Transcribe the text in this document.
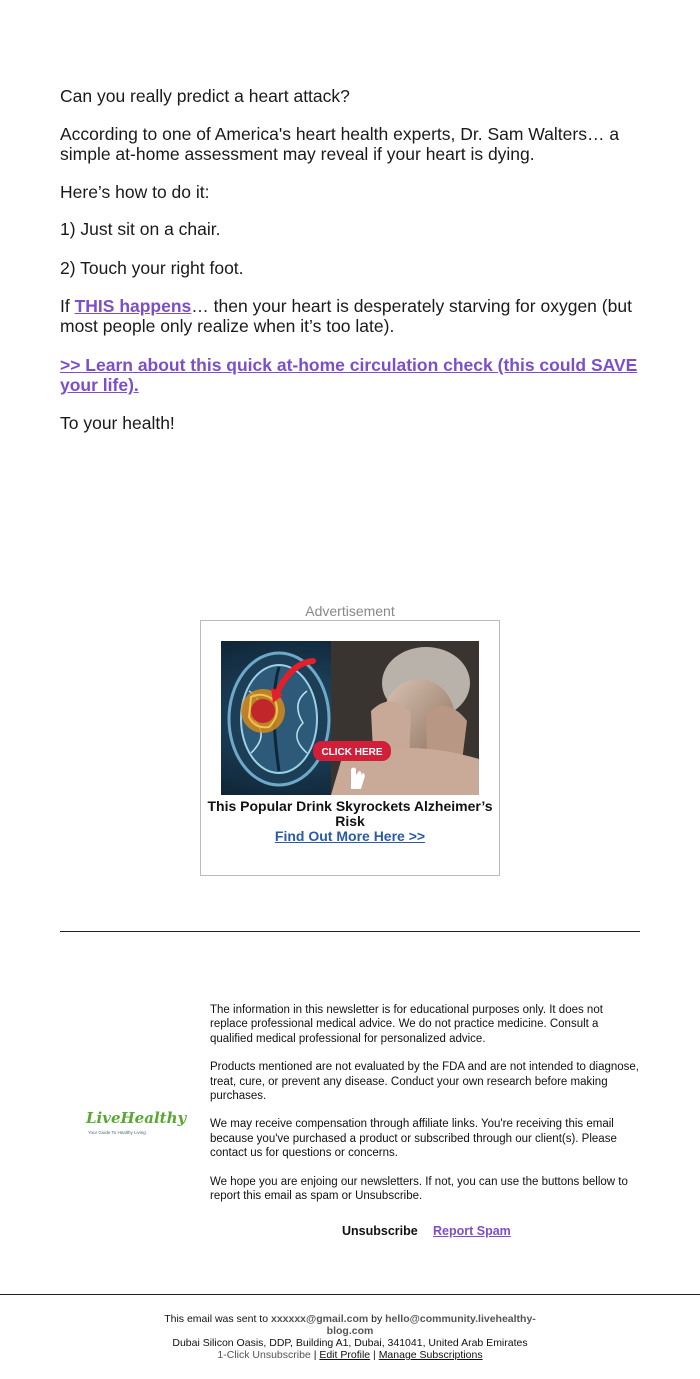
Can you really predict a heart attack?

According to one of America's heart health experts, Dr. Sam Walters… a simple at-home assessment may reveal if your heart is dying.

Here’s how to do it:

1) Just sit on a chair.

2) Touch your right foot.

If THIS happens… then your heart is desperately starving for oxygen (but most people only realize when it’s too late).

>> Learn about this quick at-home circulation check (this could SAVE your life).

To your health!

Advertisement
CLICK HERE
This Popular Drink Skyrockets Alzheimer’s Risk
Find Out More Here >>
LiveHealthy
Your Guide To Healthy Living

The information in this newsletter is for educational purposes only. It does not replace professional medical advice. We do not practice medicine. Consult a qualified medical professional for personalized advice.

Products mentioned are not evaluated by the FDA and are not intended to diagnose, treat, cure, or prevent any disease. Conduct your own research before making purchases.

We may receive compensation through affiliate links. You're receiving this email because you've purchased a product or subscribed through our client(s). Please contact us for questions or concerns.

We hope you are enjoing our newsletters. If not, you can use the buttons bellow to report this email as spam or Unsubscribe.

Unsubscribe Report Spam
This email was sent to xxxxxx@gmail.com by hello@community.livehealthy-blog.com
Dubai Silicon Oasis, DDP, Building A1, Dubai, 341041, United Arab Emirates
1-Click Unsubscribe | Edit Profile | Manage Subscriptions
